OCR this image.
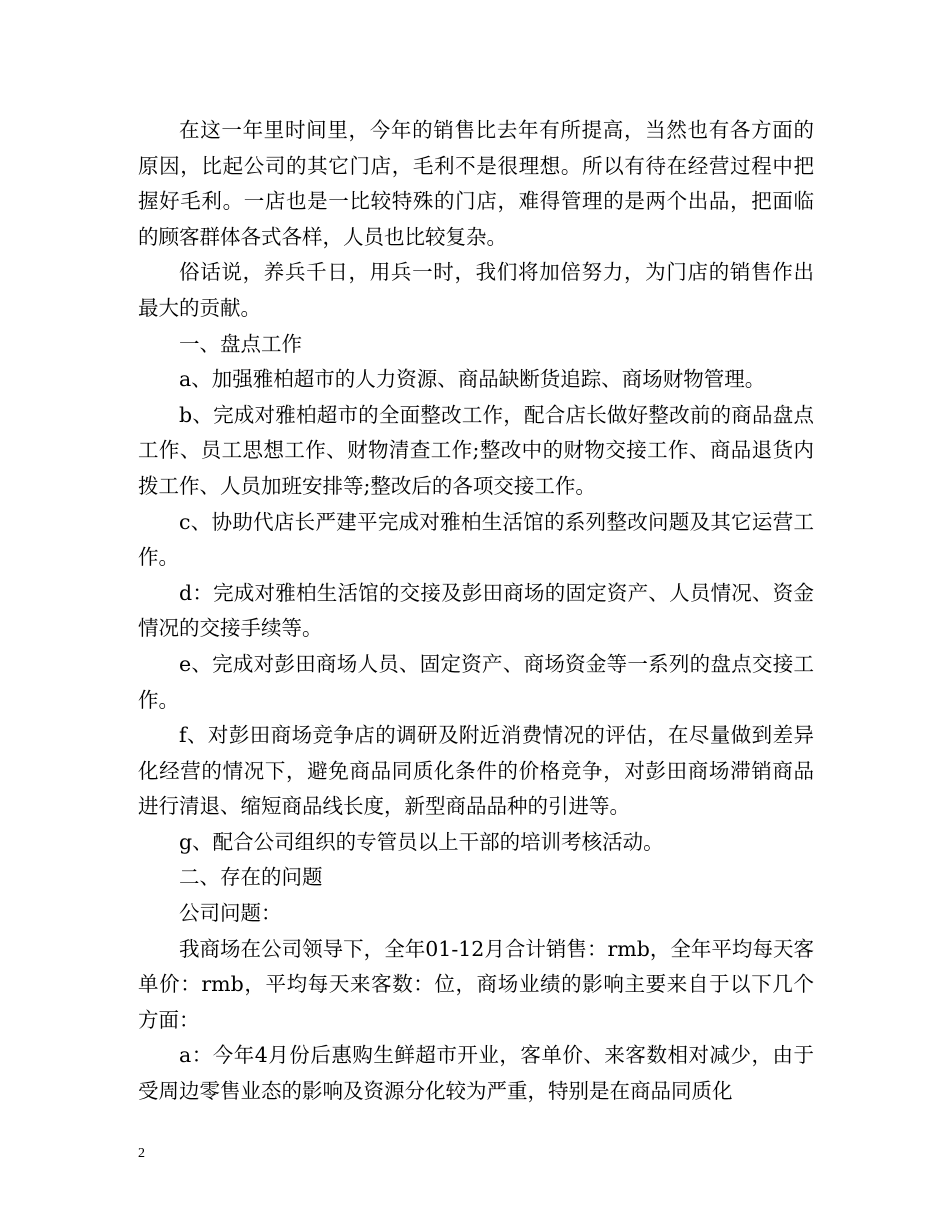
在这一年里时间里，今年的销售比去年有所提高，当然也有各方面的原因，比起公司的其它门店，毛利不是很理想。所以有待在经营过程中把握好毛利。一店也是一比较特殊的门店，难得管理的是两个出品，把面临的顾客群体各式各样，人员也比较复杂。

俗话说，养兵千日，用兵一时，我们将加倍努力，为门店的销售作出最大的贡献。

一、盘点工作

a、加强雅柏超市的人力资源、商品缺断货追踪、商场财物管理。

b、完成对雅柏超市的全面整改工作，配合店长做好整改前的商品盘点工作、员工思想工作、财物清查工作;整改中的财物交接工作、商品退货内拨工作、人员加班安排等;整改后的各项交接工作。

c、协助代店长严建平完成对雅柏生活馆的系列整改问题及其它运营工作。

d：完成对雅柏生活馆的交接及彭田商场的固定资产、人员情况、资金情况的交接手续等。

e、完成对彭田商场人员、固定资产、商场资金等一系列的盘点交接工作。

f、对彭田商场竞争店的调研及附近消费情况的评估，在尽量做到差异化经营的情况下，避免商品同质化条件的价格竞争，对彭田商场滞销商品进行清退、缩短商品线长度，新型商品品种的引进等。

g、配合公司组织的专管员以上干部的培训考核活动。

二、存在的问题

公司问题：

我商场在公司领导下，全年01-12月合计销售：rmb，全年平均每天客单价：rmb，平均每天来客数：位，商场业绩的影响主要来自于以下几个方面：

a：今年4月份后惠购生鲜超市开业，客单价、来客数相对减少，由于受周边零售业态的影响及资源分化较为严重，特别是在商品同质化

2
